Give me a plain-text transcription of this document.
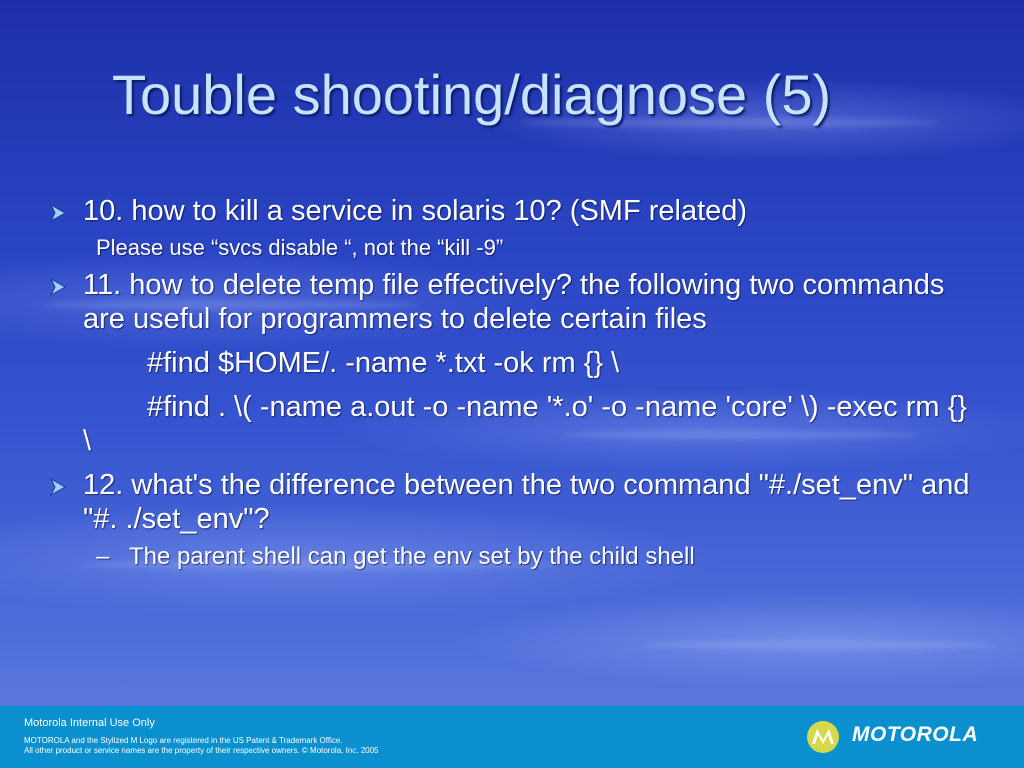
Touble shooting/diagnose (5)
10. how to kill a service in solaris 10? (SMF related)
Please use “svcs disable “, not the “kill -9”
11. how to delete temp file effectively? the following two commands are useful for programmers to delete certain files
#find $HOME/. -name *.txt -ok rm {} \
#find . \( -name a.out -o -name '*.o' -o -name 'core' \) -exec rm {} \
12. what's the difference between the two command "#./set_env" and "#. ./set_env"?
– The parent shell can get the env set by the child shell
Motorola Internal Use Only
MOTOROLA and the Stylized M Logo are registered in the US Patent & Trademark Office.
All other product or service names are the property of their respective owners. © Motorola, Inc. 2005
MOTOROLA
